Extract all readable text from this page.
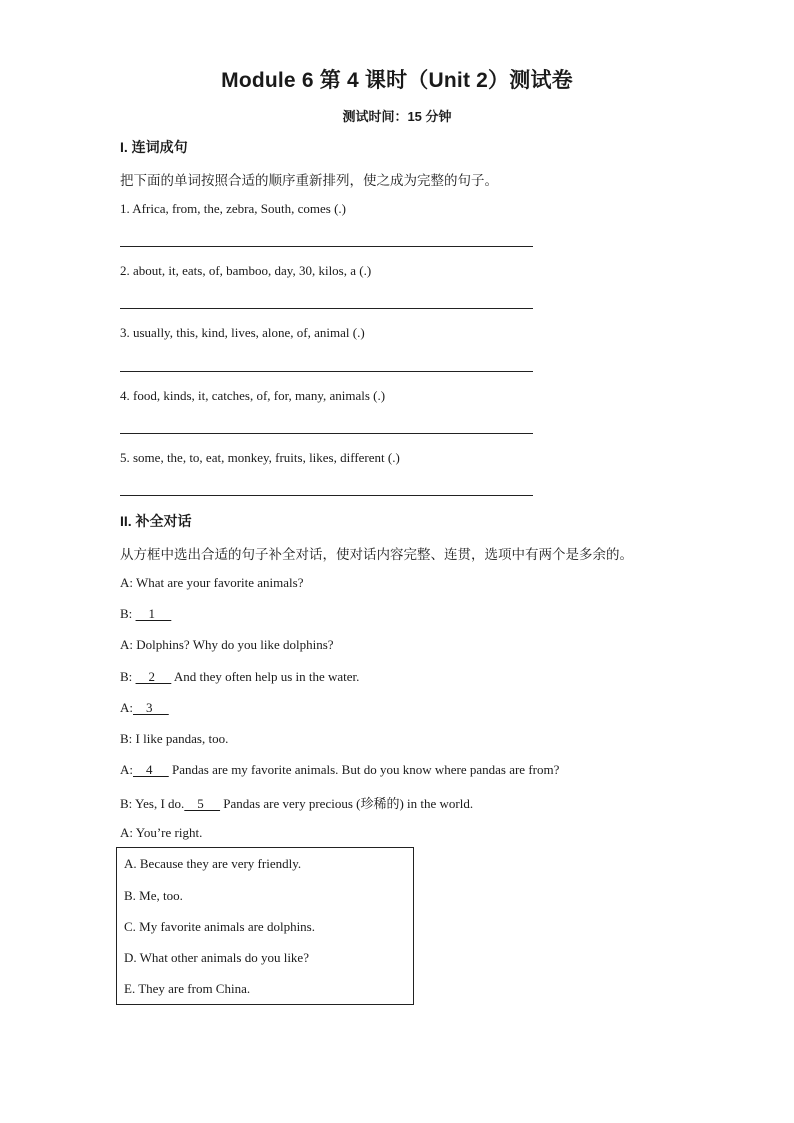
Module 6 第 4 课时（Unit 2）测试卷
测试时间：15 分钟
I. 连词成句
把下面的单词按照合适的顺序重新排列，使之成为完整的句子。
1. Africa, from, the, zebra, South, comes (.)
2. about, it, eats, of, bamboo, day, 30, kilos, a (.)
3. usually, this, kind, lives, alone, of, animal (.)
4. food, kinds, it, catches, of, for, many, animals (.)
5. some, the, to, eat, monkey, fruits, likes, different (.)
II. 补全对话
从方框中选出合适的句子补全对话，使对话内容完整、连贯，选项中有两个是多余的。
A: What are your favorite animals?
B:     1
A: Dolphins? Why do you like dolphins?
B:     2      And they often help us in the water.
A:    3
B: I like pandas, too.
A:    4      Pandas are my favorite animals. But do you know where pandas are from?
B: Yes, I do.    5      Pandas are very precious (珍稀的) in the world.
A: You’re right.
A. Because they are very friendly.
B. Me, too.
C. My favorite animals are dolphins.
D. What other animals do you like?
E. They are from China.
